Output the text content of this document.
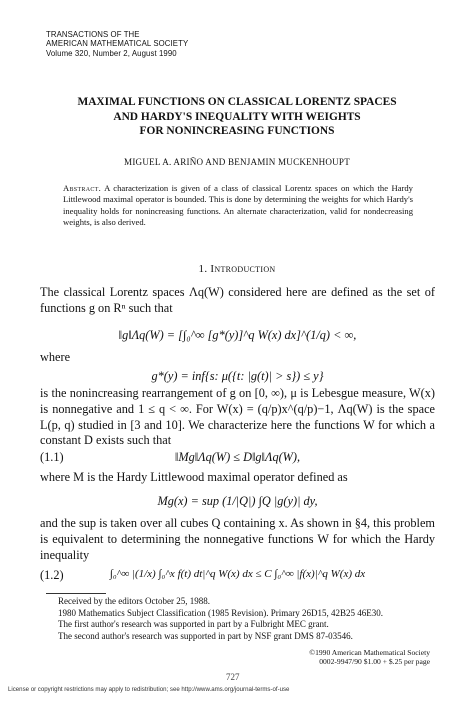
TRANSACTIONS OF THE
AMERICAN MATHEMATICAL SOCIETY
Volume 320, Number 2, August 1990
MAXIMAL FUNCTIONS ON CLASSICAL LORENTZ SPACES
AND HARDY'S INEQUALITY WITH WEIGHTS
FOR NONINCREASING FUNCTIONS
MIGUEL A. ARIÑO AND BENJAMIN MUCKENHOUPT
Abstract. A characterization is given of a class of classical Lorentz spaces on which the Hardy Littlewood maximal operator is bounded. This is done by determining the weights for which Hardy's inequality holds for nonincreasing functions. An alternate characterization, valid for nondecreasing weights, is also derived.
1. Introduction
The classical Lorentz spaces Λq(W) considered here are defined as the set of functions g on Rⁿ such that
‖g‖Λq(W) = [∫₀^∞ [g*(y)]^q W(x) dx]^(1/q) < ∞,
where
g*(y) = inf{s: μ({t: |g(t)| > s}) ≤ y}
is the nonincreasing rearrangement of g on [0, ∞), μ is Lebesgue measure, W(x) is nonnegative and 1 ≤ q < ∞. For W(x) = (q/p)x^(q/p)−1, Λq(W) is the space L(p, q) studied in [3 and 10]. We characterize here the functions W for which a constant D exists such that
(1.1)	‖Mg‖Λq(W) ≤ D‖g‖Λq(W),
where M is the Hardy Littlewood maximal operator defined as
Mg(x) = sup (1/|Q|) ∫Q |g(y)| dy,
and the sup is taken over all cubes Q containing x. As shown in §4, this problem is equivalent to determining the nonnegative functions W for which the Hardy inequality
(1.2)	∫₀^∞ |(1/x) ∫₀^x f(t) dt|^q W(x) dx ≤ C ∫₀^∞ |f(x)|^q W(x) dx
Received by the editors October 25, 1988.
1980 Mathematics Subject Classification (1985 Revision). Primary 26D15, 42B25 46E30.
The first author's research was supported in part by a Fulbright MEC grant.
The second author's research was supported in part by NSF grant DMS 87-03546.
©1990 American Mathematical Society
0002-9947/90 $1.00 + $.25 per page
727
License or copyright restrictions may apply to redistribution; see http://www.ams.org/journal-terms-of-use
